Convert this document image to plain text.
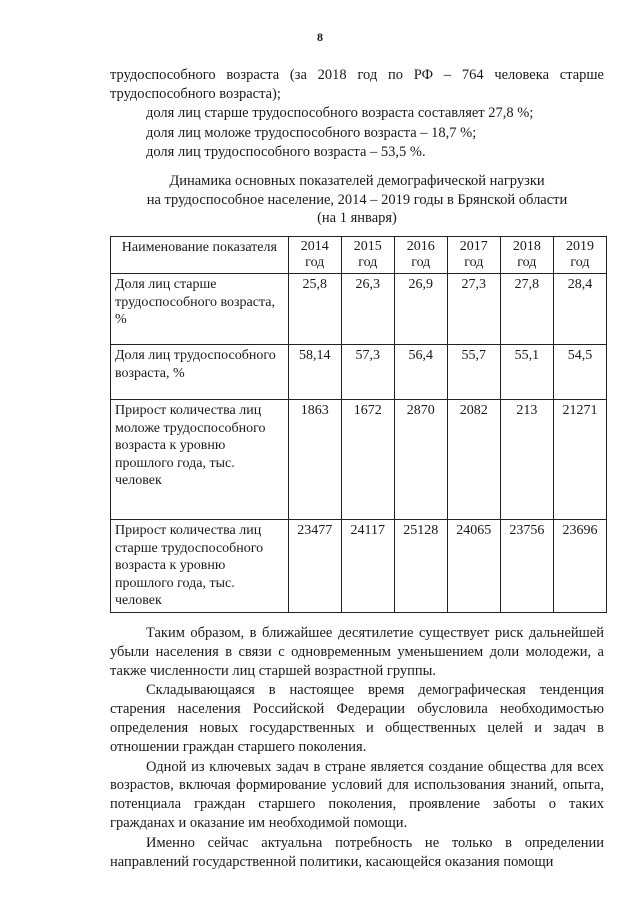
8

трудоспособного возраста (за 2018 год по РФ – 764 человека старше

трудоспособного возраста);

доля лиц старше трудоспособного возраста составляет 27,8 %;

доля лиц моложе трудоспособного возраста – 18,7 %;

доля лиц трудоспособного возраста – 53,5 %.

Динамика основных показателей демографической нагрузки
на трудоспособное население, 2014 – 2019 годы в Брянской области
(на 1 января)
Наименование показателя	2014 год	2015 год	2016 год	2017 год	2018 год	2019 год
Доля лиц старше трудоспособного возраста, %	25,8	26,3	26,9	27,3	27,8	28,4
Доля лиц трудоспособного возраста, %	58,14	57,3	56,4	55,7	55,1	54,5
Прирост количества лиц моложе трудоспособного возраста к уровню прошлого года, тыс. человек	1863	1672	2870	2082	213	21271
Прирост количества лиц старше трудоспособного возраста к уровню прошлого года, тыс. человек	23477	24117	25128	24065	23756	23696

Таким образом, в ближайшее десятилетие существует риск дальнейшей убыли населения в связи с одновременным уменьшением доли молодежи, а также численности лиц старшей возрастной группы.

Складывающаяся в настоящее время демографическая тенденция старения населения Российской Федерации обусловила необходимостью определения новых государственных и общественных целей и задач в отношении граждан старшего поколения.

Одной из ключевых задач в стране является создание общества для всех возрастов, включая формирование условий для использования знаний, опыта, потенциала граждан старшего поколения, проявление заботы о таких гражданах и оказание им необходимой помощи.

Именно сейчас актуальна потребность не только в определении направлений государственной политики, касающейся оказания помощи
